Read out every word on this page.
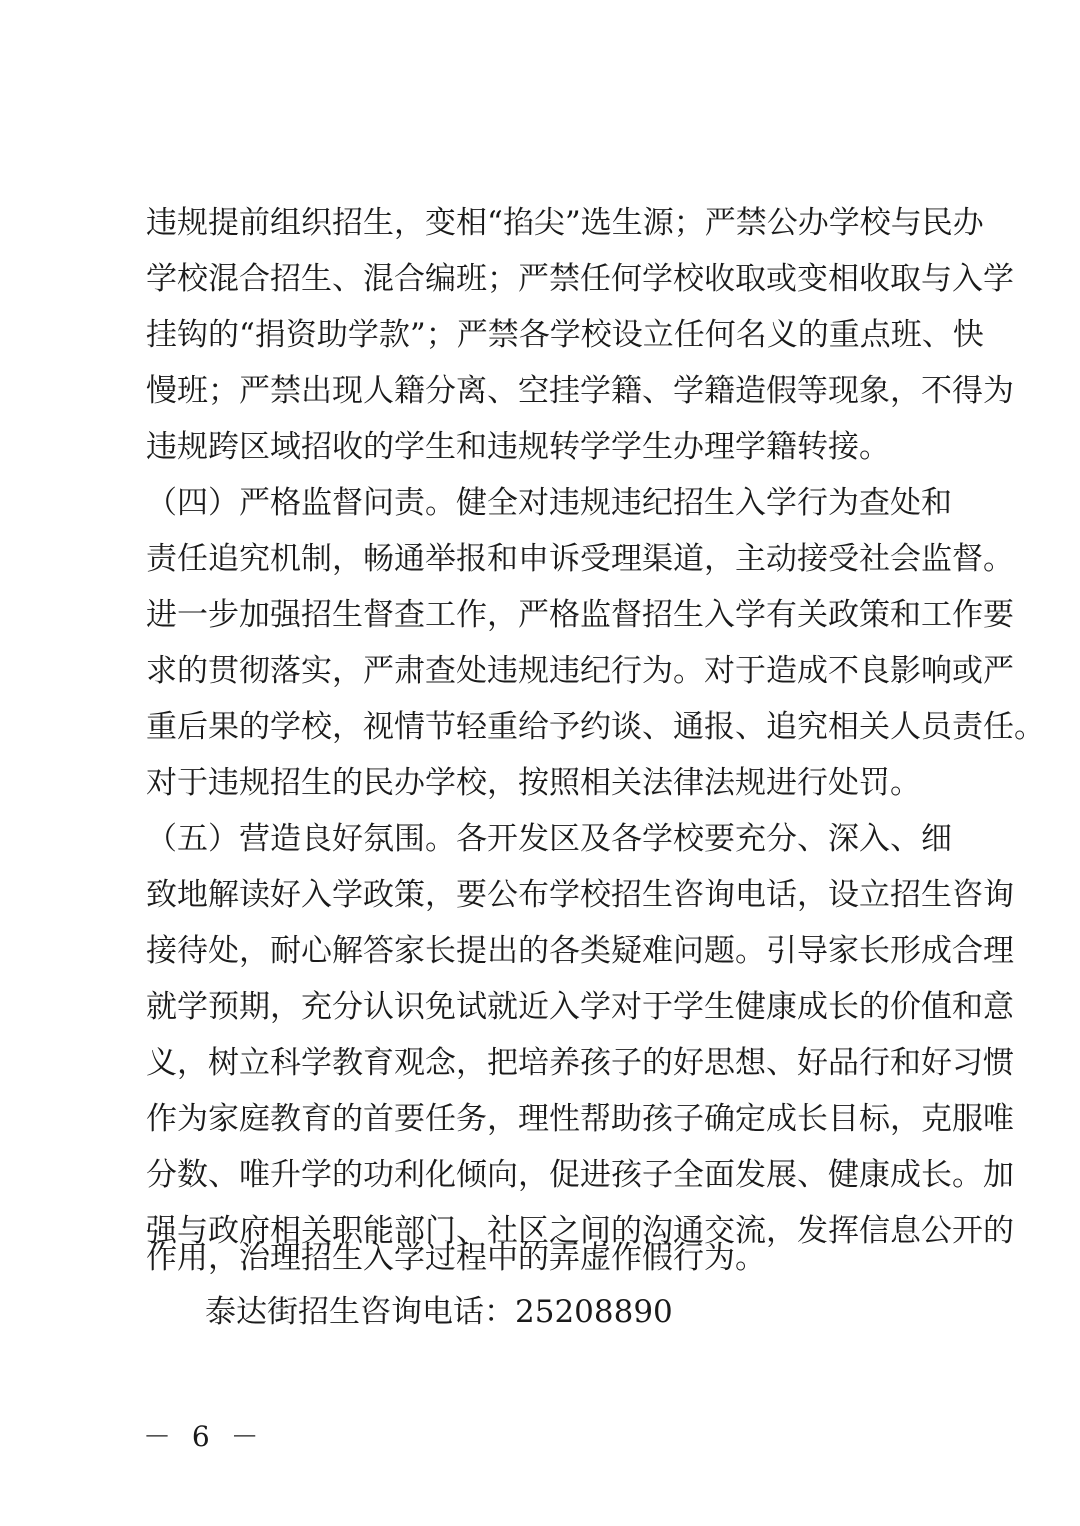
违规提前组织招生，变相“掐尖”选生源；严禁公办学校与民办
学校混合招生、混合编班；严禁任何学校收取或变相收取与入学
挂钩的“捐资助学款”；严禁各学校设立任何名义的重点班、快
慢班；严禁出现人籍分离、空挂学籍、学籍造假等现象，不得为
违规跨区域招收的学生和违规转学学生办理学籍转接。
（四）严格监督问责。健全对违规违纪招生入学行为查处和
责任追究机制，畅通举报和申诉受理渠道，主动接受社会监督。
进一步加强招生督查工作，严格监督招生入学有关政策和工作要
求的贯彻落实，严肃查处违规违纪行为。对于造成不良影响或严
重后果的学校，视情节轻重给予约谈、通报、追究相关人员责任。
对于违规招生的民办学校，按照相关法律法规进行处罚。
（五）营造良好氛围。各开发区及各学校要充分、深入、细
致地解读好入学政策，要公布学校招生咨询电话，设立招生咨询
接待处，耐心解答家长提出的各类疑难问题。引导家长形成合理
就学预期，充分认识免试就近入学对于学生健康成长的价值和意
义，树立科学教育观念，把培养孩子的好思想、好品行和好习惯
作为家庭教育的首要任务，理性帮助孩子确定成长目标，克服唯
分数、唯升学的功利化倾向，促进孩子全面发展、健康成长。加
强与政府相关职能部门、社区之间的沟通交流，发挥信息公开的
作用，治理招生入学过程中的弄虚作假行为。
泰达街招生咨询电话：25208890
－ 6 －
